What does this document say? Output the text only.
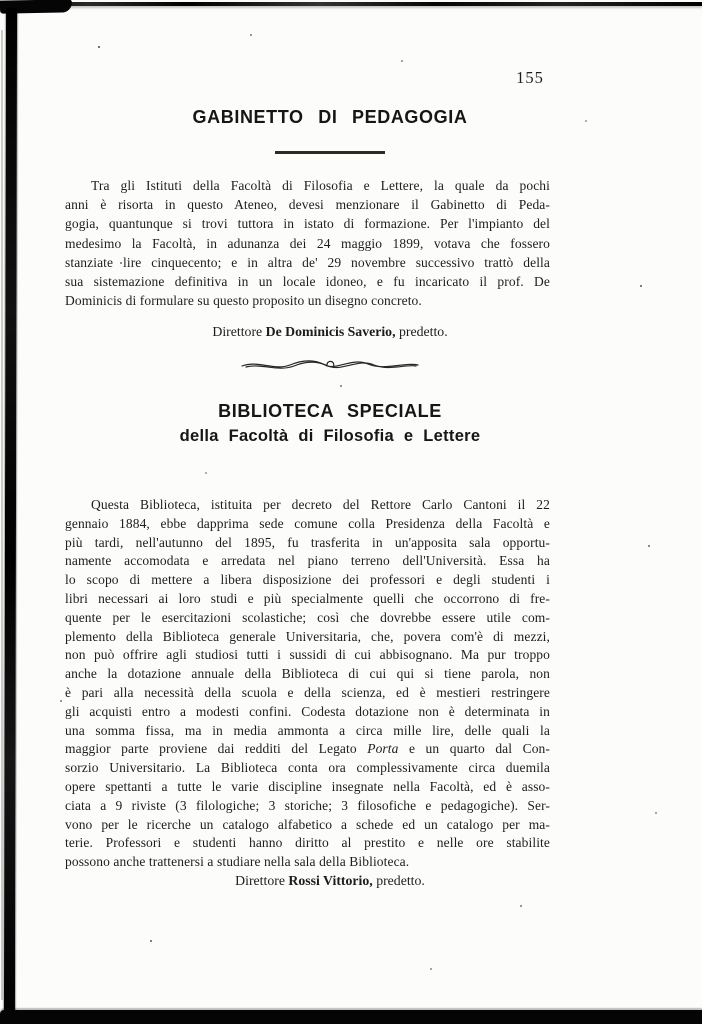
155
GABINETTO DI PEDAGOGIA
Tra gli Istituti della Facoltà di Filosofia e Lettere, la quale da pochi
anni è risorta in questo Ateneo, devesi menzionare il Gabinetto di Peda-
gogia, quantunque si trovi tuttora in istato di formazione. Per l'impianto del
medesimo la Facoltà, in adunanza dei 24 maggio 1899, votava che fossero
stanziate lire cinquecento; e in altra de' 29 novembre successivo trattò della
sua sistemazione definitiva in un locale idoneo, e fu incaricato il prof. De
Dominicis di formulare su questo proposito un disegno concreto.
Direttore De Dominicis Saverio, predetto.
BIBLIOTECA SPECIALE
della Facoltà di Filosofia e Lettere
Questa Biblioteca, istituita per decreto del Rettore Carlo Cantoni il 22
gennaio 1884, ebbe dapprima sede comune colla Presidenza della Facoltà e
più tardi, nell'autunno del 1895, fu trasferita in un'apposita sala opportu-
namente accomodata e arredata nel piano terreno dell'Università. Essa ha
lo scopo di mettere a libera disposizione dei professori e degli studenti i
libri necessari ai loro studi e più specialmente quelli che occorrono di fre-
quente per le esercitazioni scolastiche; così che dovrebbe essere utile com-
plemento della Biblioteca generale Universitaria, che, povera com'è di mezzi,
non può offrire agli studiosi tutti i sussidi di cui abbisognano. Ma pur troppo
anche la dotazione annuale della Biblioteca di cui qui si tiene parola, non
è pari alla necessità della scuola e della scienza, ed è mestieri restringere
gli acquisti entro a modesti confini. Codesta dotazione non è determinata in
una somma fissa, ma in media ammonta a circa mille lire, delle quali la
maggior parte proviene dai redditi del Legato Porta e un quarto dal Con-
sorzio Universitario. La Biblioteca conta ora complessivamente circa duemila
opere spettanti a tutte le varie discipline insegnate nella Facoltà, ed è asso-
ciata a 9 riviste (3 filologiche; 3 storiche; 3 filosofiche e pedagogiche). Ser-
vono per le ricerche un catalogo alfabetico a schede ed un catalogo per ma-
terie. Professori e studenti hanno diritto al prestito e nelle ore stabilite
possono anche trattenersi a studiare nella sala della Biblioteca.
Direttore Rossi Vittorio, predetto.
